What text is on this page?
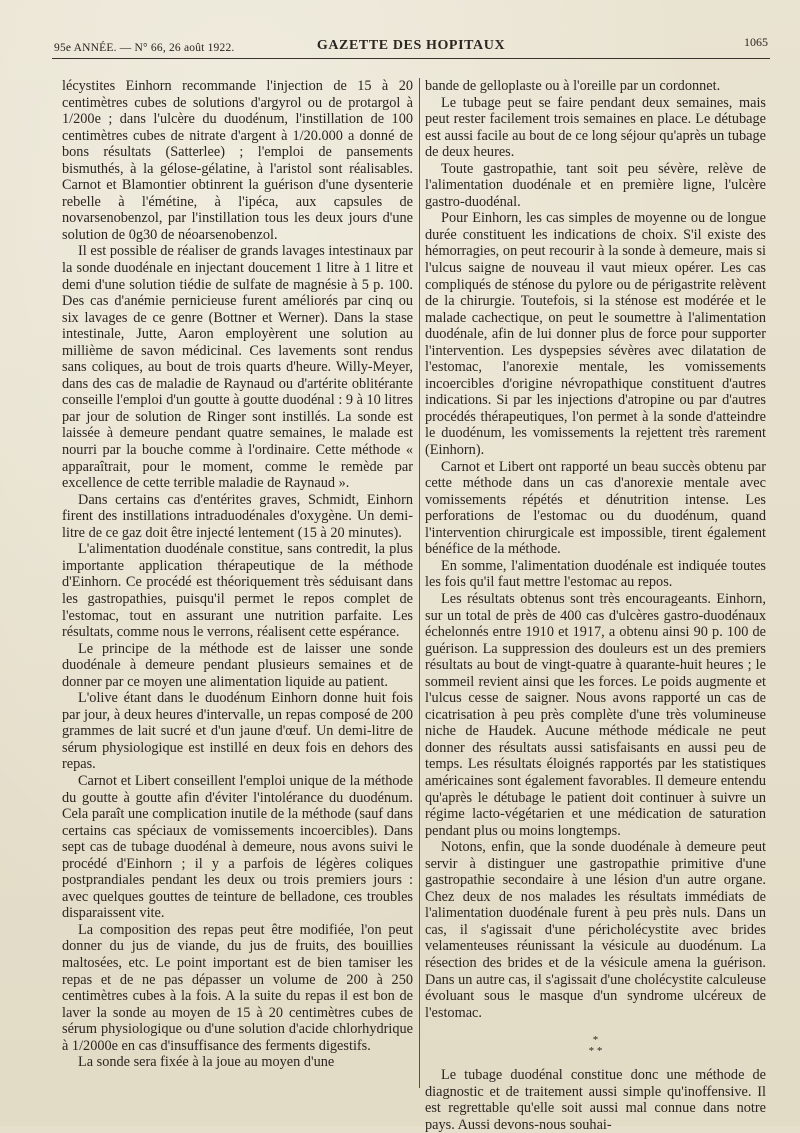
95e ANNÉE. — N° 66, 26 août 1922.	GAZETTE DES HOPITAUX	1065

lécystites Einhorn recommande l'injection de 15 à 20 centimètres cubes de solutions d'argyrol ou de protargol à 1/200e ; dans l'ulcère du duodénum, l'instillation de 100 centimètres cubes de nitrate d'argent à 1/20.000 a donné de bons résultats (Satterlee) ; l'emploi de pansements bismuthés, à la gélose-gélatine, à l'aristol sont réalisables. Carnot et Blamontier obtinrent la guérison d'une dysenterie rebelle à l'émétine, à l'ipéca, aux capsules de novarsenobenzol, par l'instillation tous les deux jours d'une solution de 0g30 de néoarsenobenzol.

Il est possible de réaliser de grands lavages intestinaux par la sonde duodénale en injectant doucement 1 litre à 1 litre et demi d'une solution tiédie de sulfate de magnésie à 5 p. 100. Des cas d'anémie pernicieuse furent améliorés par cinq ou six lavages de ce genre (Bottner et Werner). Dans la stase intestinale, Jutte, Aaron employèrent une solution au millième de savon médicinal. Ces lavements sont rendus sans coliques, au bout de trois quarts d'heure. Willy-Meyer, dans des cas de maladie de Raynaud ou d'artérite oblitérante conseille l'emploi d'un goutte à goutte duodénal : 9 à 10 litres par jour de solution de Ringer sont instillés. La sonde est laissée à demeure pendant quatre semaines, le malade est nourri par la bouche comme à l'ordinaire. Cette méthode « apparaîtrait, pour le moment, comme le remède par excellence de cette terrible maladie de Raynaud ».

Dans certains cas d'entérites graves, Schmidt, Einhorn firent des instillations intraduodénales d'oxygène. Un demi-litre de ce gaz doit être injecté lentement (15 à 20 minutes).

L'alimentation duodénale constitue, sans contredit, la plus importante application thérapeutique de la méthode d'Einhorn. Ce procédé est théoriquement très séduisant dans les gastropathies, puisqu'il permet le repos complet de l'estomac, tout en assurant une nutrition parfaite. Les résultats, comme nous le verrons, réalisent cette espérance.

Le principe de la méthode est de laisser une sonde duodénale à demeure pendant plusieurs semaines et de donner par ce moyen une alimentation liquide au patient.

L'olive étant dans le duodénum Einhorn donne huit fois par jour, à deux heures d'intervalle, un repas composé de 200 grammes de lait sucré et d'un jaune d'œuf. Un demi-litre de sérum physiologique est instillé en deux fois en dehors des repas.

Carnot et Libert conseillent l'emploi unique de la méthode du goutte à goutte afin d'éviter l'intolérance du duodénum. Cela paraît une complication inutile de la méthode (sauf dans certains cas spéciaux de vomissements incoercibles). Dans sept cas de tubage duodénal à demeure, nous avons suivi le procédé d'Einhorn ; il y a parfois de légères coliques postprandiales pendant les deux ou trois premiers jours : avec quelques gouttes de teinture de belladone, ces troubles disparaissent vite.

La composition des repas peut être modifiée, l'on peut donner du jus de viande, du jus de fruits, des bouillies maltosées, etc. Le point important est de bien tamiser les repas et de ne pas dépasser un volume de 200 à 250 centimètres cubes à la fois. A la suite du repas il est bon de laver la sonde au moyen de 15 à 20 centimètres cubes de sérum physiologique ou d'une solution d'acide chlorhydrique à 1/2000e en cas d'insuffisance des ferments digestifs.

La sonde sera fixée à la joue au moyen d'une

bande de gelloplaste ou à l'oreille par un cordonnet.

Le tubage peut se faire pendant deux semaines, mais peut rester facilement trois semaines en place. Le détubage est aussi facile au bout de ce long séjour qu'après un tubage de deux heures.

Toute gastropathie, tant soit peu sévère, relève de l'alimentation duodénale et en première ligne, l'ulcère gastro-duodénal.

Pour Einhorn, les cas simples de moyenne ou de longue durée constituent les indications de choix. S'il existe des hémorragies, on peut recourir à la sonde à demeure, mais si l'ulcus saigne de nouveau il vaut mieux opérer. Les cas compliqués de sténose du pylore ou de périgastrite relèvent de la chirurgie. Toutefois, si la sténose est modérée et le malade cachectique, on peut le soumettre à l'alimentation duodénale, afin de lui donner plus de force pour supporter l'intervention. Les dyspepsies sévères avec dilatation de l'estomac, l'anorexie mentale, les vomissements incoercibles d'origine névropathique constituent d'autres indications. Si par les injections d'atropine ou par d'autres procédés thérapeutiques, l'on permet à la sonde d'atteindre le duodénum, les vomissements la rejettent très rarement (Einhorn).

Carnot et Libert ont rapporté un beau succès obtenu par cette méthode dans un cas d'anorexie mentale avec vomissements répétés et dénutrition intense. Les perforations de l'estomac ou du duodénum, quand l'intervention chirurgicale est impossible, tirent également bénéfice de la méthode.

En somme, l'alimentation duodénale est indiquée toutes les fois qu'il faut mettre l'estomac au repos.

Les résultats obtenus sont très encourageants. Einhorn, sur un total de près de 400 cas d'ulcères gastro-duodénaux échelonnés entre 1910 et 1917, a obtenu ainsi 90 p. 100 de guérison. La suppression des douleurs est un des premiers résultats au bout de vingt-quatre à quarante-huit heures ; le sommeil revient ainsi que les forces. Le poids augmente et l'ulcus cesse de saigner. Nous avons rapporté un cas de cicatrisation à peu près complète d'une très volumineuse niche de Haudek. Aucune méthode médicale ne peut donner des résultats aussi satisfaisants en aussi peu de temps. Les résultats éloignés rapportés par les statistiques américaines sont également favorables. Il demeure entendu qu'après le détubage le patient doit continuer à suivre un régime lacto-végétarien et une médication de saturation pendant plus ou moins longtemps.

Notons, enfin, que la sonde duodénale à demeure peut servir à distinguer une gastropathie primitive d'une gastropathie secondaire à une lésion d'un autre organe. Chez deux de nos malades les résultats immédiats de l'alimentation duodénale furent à peu près nuls. Dans un cas, il s'agissait d'une péricholécystite avec brides velamenteuses réunissant la vésicule au duodénum. La résection des brides et de la vésicule amena la guérison. Dans un autre cas, il s'agissait d'une cholécystite calculeuse évoluant sous le masque d'un syndrome ulcéreux de l'estomac.

*
* *

Le tubage duodénal constitue donc une méthode de diagnostic et de traitement aussi simple qu'inoffensive. Il est regrettable qu'elle soit aussi mal connue dans notre pays. Aussi devons-nous souhai-
